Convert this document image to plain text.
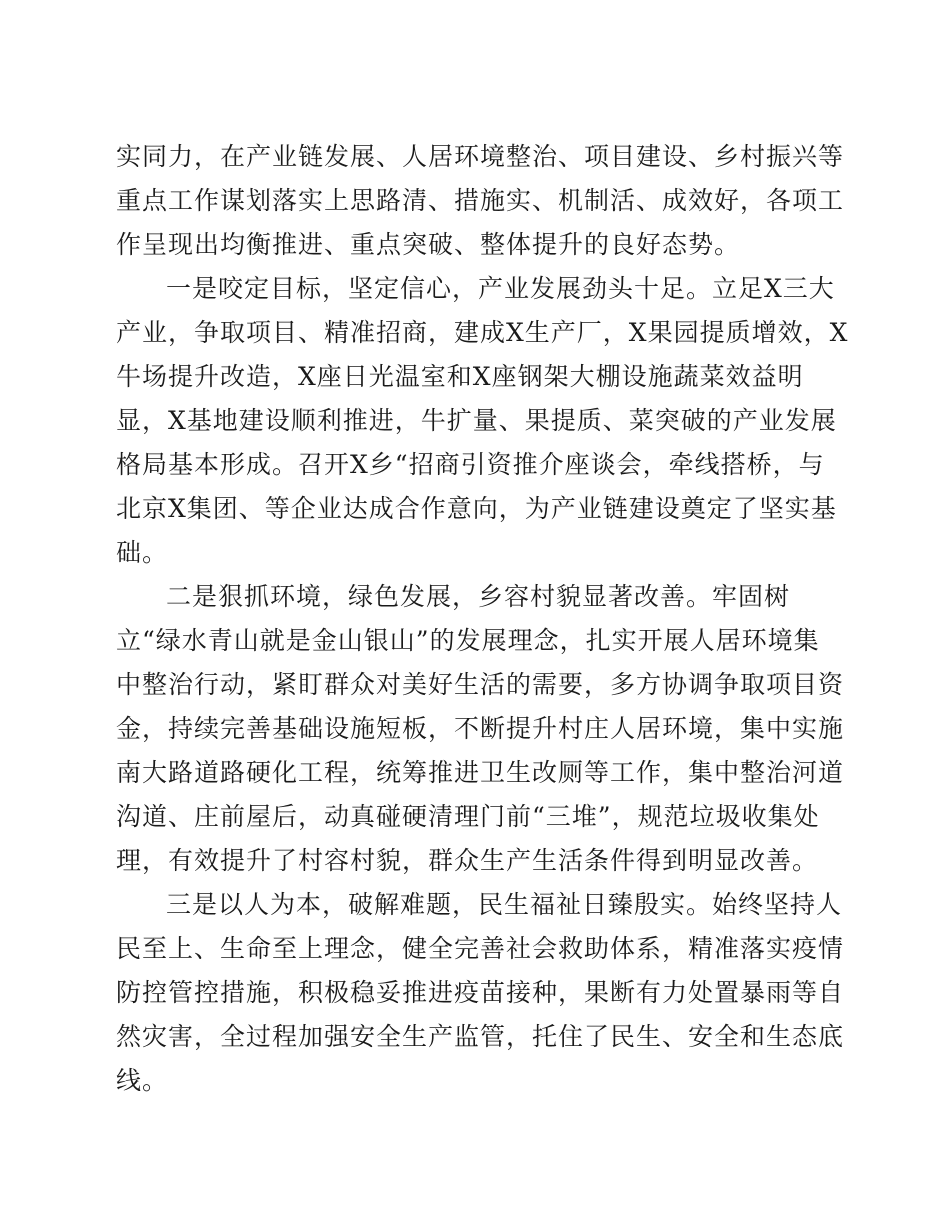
实同力，在产业链发展、人居环境整治、项目建设、乡村振兴等
重点工作谋划落实上思路清、措施实、机制活、成效好，各项工
作呈现出均衡推进、重点突破、整体提升的良好态势。
一是咬定目标，坚定信心，产业发展劲头十足。立足X三大
产业，争取项目、精准招商，建成X生产厂，X果园提质增效，X
牛场提升改造，X座日光温室和X座钢架大棚设施蔬菜效益明
显，X基地建设顺利推进，牛扩量、果提质、菜突破的产业发展
格局基本形成。召开X乡“招商引资推介座谈会，牵线搭桥，与
北京X集团、等企业达成合作意向，为产业链建设奠定了坚实基
础。
二是狠抓环境，绿色发展，乡容村貌显著改善。牢固树
立“绿水青山就是金山银山”的发展理念，扎实开展人居环境集
中整治行动，紧盯群众对美好生活的需要，多方协调争取项目资
金，持续完善基础设施短板，不断提升村庄人居环境，集中实施
南大路道路硬化工程，统筹推进卫生改厕等工作，集中整治河道
沟道、庄前屋后，动真碰硬清理门前“三堆”，规范垃圾收集处
理，有效提升了村容村貌，群众生产生活条件得到明显改善。
三是以人为本，破解难题，民生福祉日臻殷实。始终坚持人
民至上、生命至上理念，健全完善社会救助体系，精准落实疫情
防控管控措施，积极稳妥推进疫苗接种，果断有力处置暴雨等自
然灾害，全过程加强安全生产监管，托住了民生、安全和生态底
线。
